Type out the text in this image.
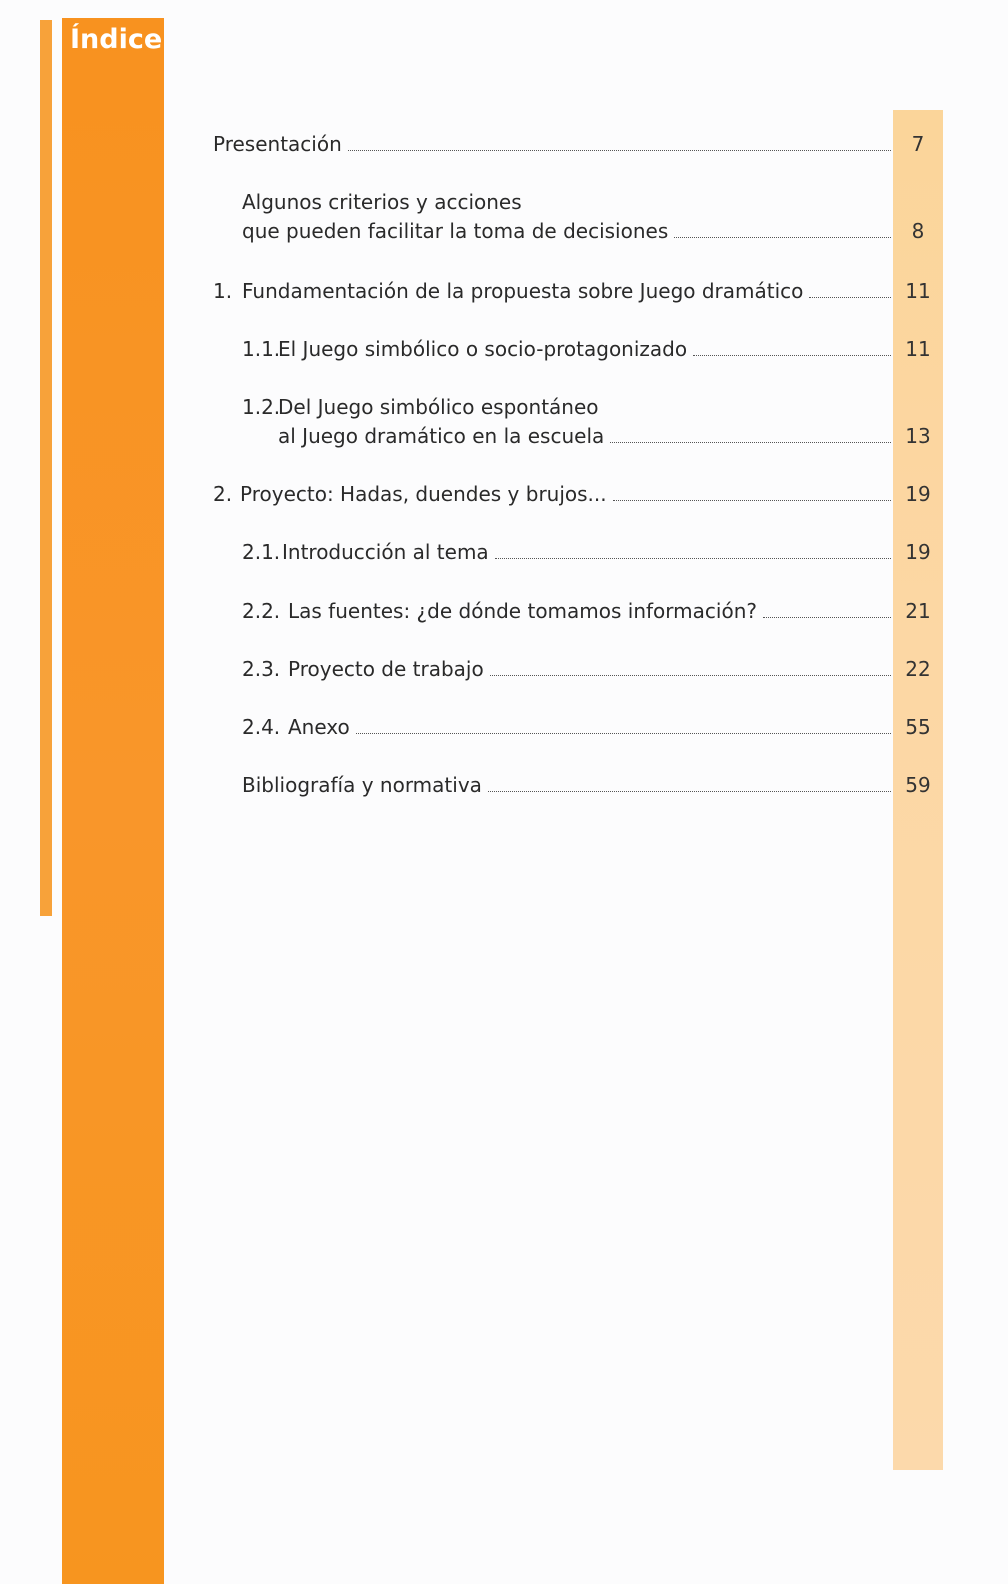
Índice
Presentación	7
Algunos criterios y acciones
que pueden facilitar la toma de decisiones	8
1. Fundamentación de la propuesta sobre Juego dramático	11
1.1.
El Juego simbólico o socio-protagonizado	11
1.2.
Del Juego simbólico espontáneo
al Juego dramático en la escuela	13
2. Proyecto: Hadas, duendes y brujos...	19
2.1. Introducción al tema	19
2.2. Las fuentes: ¿de dónde tomamos información?	21
2.3. Proyecto de trabajo	22
2.4. Anexo	55
Bibliografía y normativa	59
